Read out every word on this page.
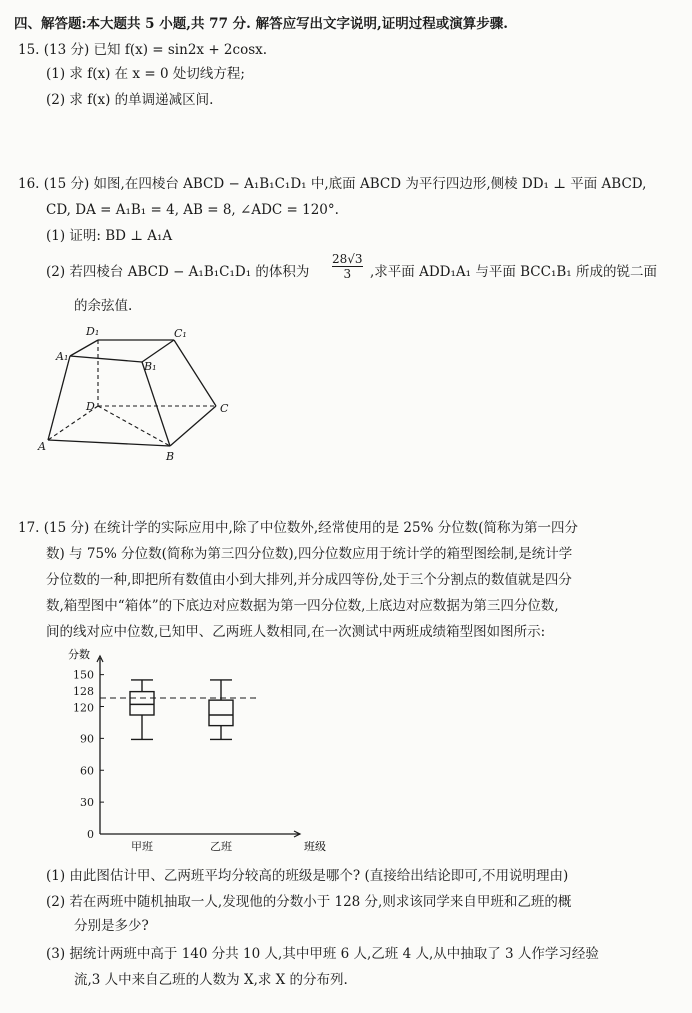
四、解答题:本大题共 5 小题,共 77 分. 解答应写出文字说明,证明过程或演算步骤.
15. (13 分) 已知 f(x) = sin2x + 2cosx.
(1) 求 f(x) 在 x = 0 处切线方程;
(2) 求 f(x) 的单调递减区间.
16. (15 分) 如图,在四棱台 ABCD − A₁B₁C₁D₁ 中,底面 ABCD 为平行四边形,侧棱 DD₁ ⊥ 平面 ABCD,
CD, DA = A₁B₁ = 4, AB = 8, ∠ADC = 120°.
(1) 证明: BD ⊥ A₁A
(2) 若四棱台 ABCD − A₁B₁C₁D₁ 的体积为 $\frac{28√3}{3}$ ,求平面 ADD₁A₁ 与平面 BCC₁B₁ 所成的锐二面
的余弦值.
D₁	C₁
A₁
B₁
D	C
A
B
17. (15 分) 在统计学的实际应用中,除了中位数外,经常使用的是 25% 分位数(简称为第一四分
数) 与 75% 分位数(简称为第三四分位数),四分位数应用于统计学的箱型图绘制,是统计学
分位数的一种,即把所有数值由小到大排列,并分成四等份,处于三个分割点的数值就是四分
数,箱型图中“箱体”的下底边对应数据为第一四分位数,上底边对应数据为第三四分位数,
间的线对应中位数,已知甲、乙两班人数相同,在一次测试中两班成绩箱型图如图所示:
0
30
60
90
120
128
150
甲班	乙班
分数
班级
(1) 由此图估计甲、乙两班平均分较高的班级是哪个? (直接给出结论即可,不用说明理由)
(2) 若在两班中随机抽取一人,发现他的分数小于 128 分,则求该同学来自甲班和乙班的概
分别是多少?
(3) 据统计两班中高于 140 分共 10 人,其中甲班 6 人,乙班 4 人,从中抽取了 3 人作学习经验
流,3 人中来自乙班的人数为 X,求 X 的分布列.
